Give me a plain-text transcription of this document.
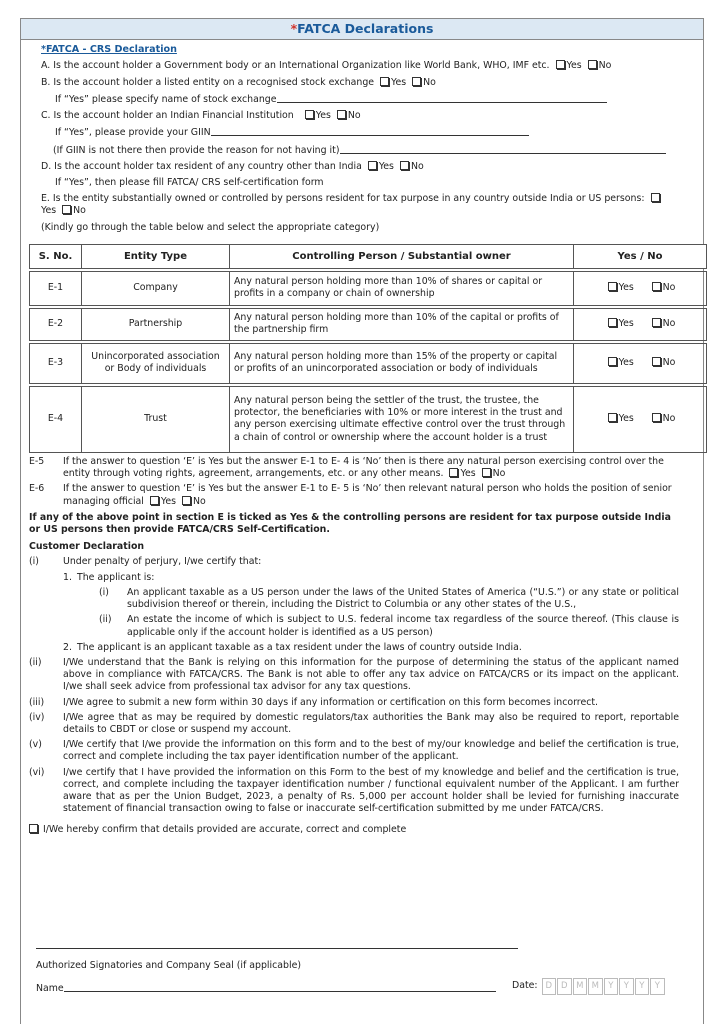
*FATCA Declarations
*FATCA - CRS Declaration
A. Is the account holder a Government body or an International Organization like World Bank, WHO, IMF etc. Yes No
B. Is the account holder a listed entity on a recognised stock exchange Yes No
If “Yes” please specify name of stock exchange
C. Is the account holder an Indian Financial Institution Yes No
If “Yes”, please provide your GIIN
(If GIIN is not there then provide the reason for not having it)
D. Is the account holder tax resident of any country other than India Yes No
If “Yes”, then please fill FATCA/ CRS self-certification form
E. Is the entity substantially owned or controlled by persons resident for tax purpose in any country outside India or US persons: Yes No
(Kindly go through the table below and select the appropriate category)
S. No.	Entity Type	Controlling Person / Substantial owner	Yes / No

E-1	Company	Any natural person holding more than 10% of shares or capital or profits in a company or chain of ownership	Yes No

E-2	Partnership	Any natural person holding more than 10% of the capital or profits of the partnership firm	Yes No

E-3	Unincorporated association or Body of individuals	Any natural person holding more than 15% of the property or capital or profits of an unincorporated association or body of individuals	Yes No

E-4	Trust	Any natural person being the settler of the trust, the trustee, the protector, the beneficiaries with 10% or more interest in the trust and any person exercising ultimate effective control over the trust through a chain of control or ownership where the account holder is a trust	Yes No
E-5	If the answer to question ‘E’ is Yes but the answer E-1 to E- 4 is ‘No’ then is there any natural person exercising control over the entity through voting rights, agreement, arrangements, etc. or any other means. Yes No
E-6	If the answer to question ‘E’ is Yes but the answer E-1 to E- 5 is ‘No’ then relevant natural person who holds the position of senior managing official Yes No
If any of the above point in section E is ticked as Yes & the controlling persons are resident for tax purpose outside India or US persons then provide FATCA/CRS Self-Certification.
Customer Declaration
(i)	Under penalty of perjury, I/we certify that:
1. The applicant is:
(i)	An applicant taxable as a US person under the laws of the United States of America (“U.S.”) or any state or political subdivision thereof or therein, including the District to Columbia or any other states of the U.S.,
(ii)	An estate the income of which is subject to U.S. federal income tax regardless of the source thereof. (This clause is applicable only if the account holder is identified as a US person)
2. The applicant is an applicant taxable as a tax resident under the laws of country outside India.
(ii)	I/We understand that the Bank is relying on this information for the purpose of determining the status of the applicant named above in compliance with FATCA/CRS. The Bank is not able to offer any tax advice on FATCA/CRS or its impact on the applicant. I/we shall seek advice from professional tax advisor for any tax questions.
(iii)	I/We agree to submit a new form within 30 days if any information or certification on this form becomes incorrect.
(iv)	I/We agree that as may be required by domestic regulators/tax authorities the Bank may also be required to report, reportable details to CBDT or close or suspend my account.
(v)	I/We certify that I/we provide the information on this form and to the best of my/our knowledge and belief the certification is true, correct and complete including the tax payer identification number of the applicant.
(vi)	I/we certify that I have provided the information on this Form to the best of my knowledge and belief and the certification is true, correct, and complete including the taxpayer identification number / functional equivalent number of the Applicant. I am further aware that as per the Union Budget, 2023, a penalty of Rs. 5,000 per account holder shall be levied for furnishing inaccurate statement of financial transaction owing to false or inaccurate self-certification submitted by me under FATCA/CRS.
I/We hereby confirm that details provided are accurate, correct and complete
Authorized Signatories and Company Seal (if applicable)
Name	Date: D	D	M M	Y	Y	Y	Y
